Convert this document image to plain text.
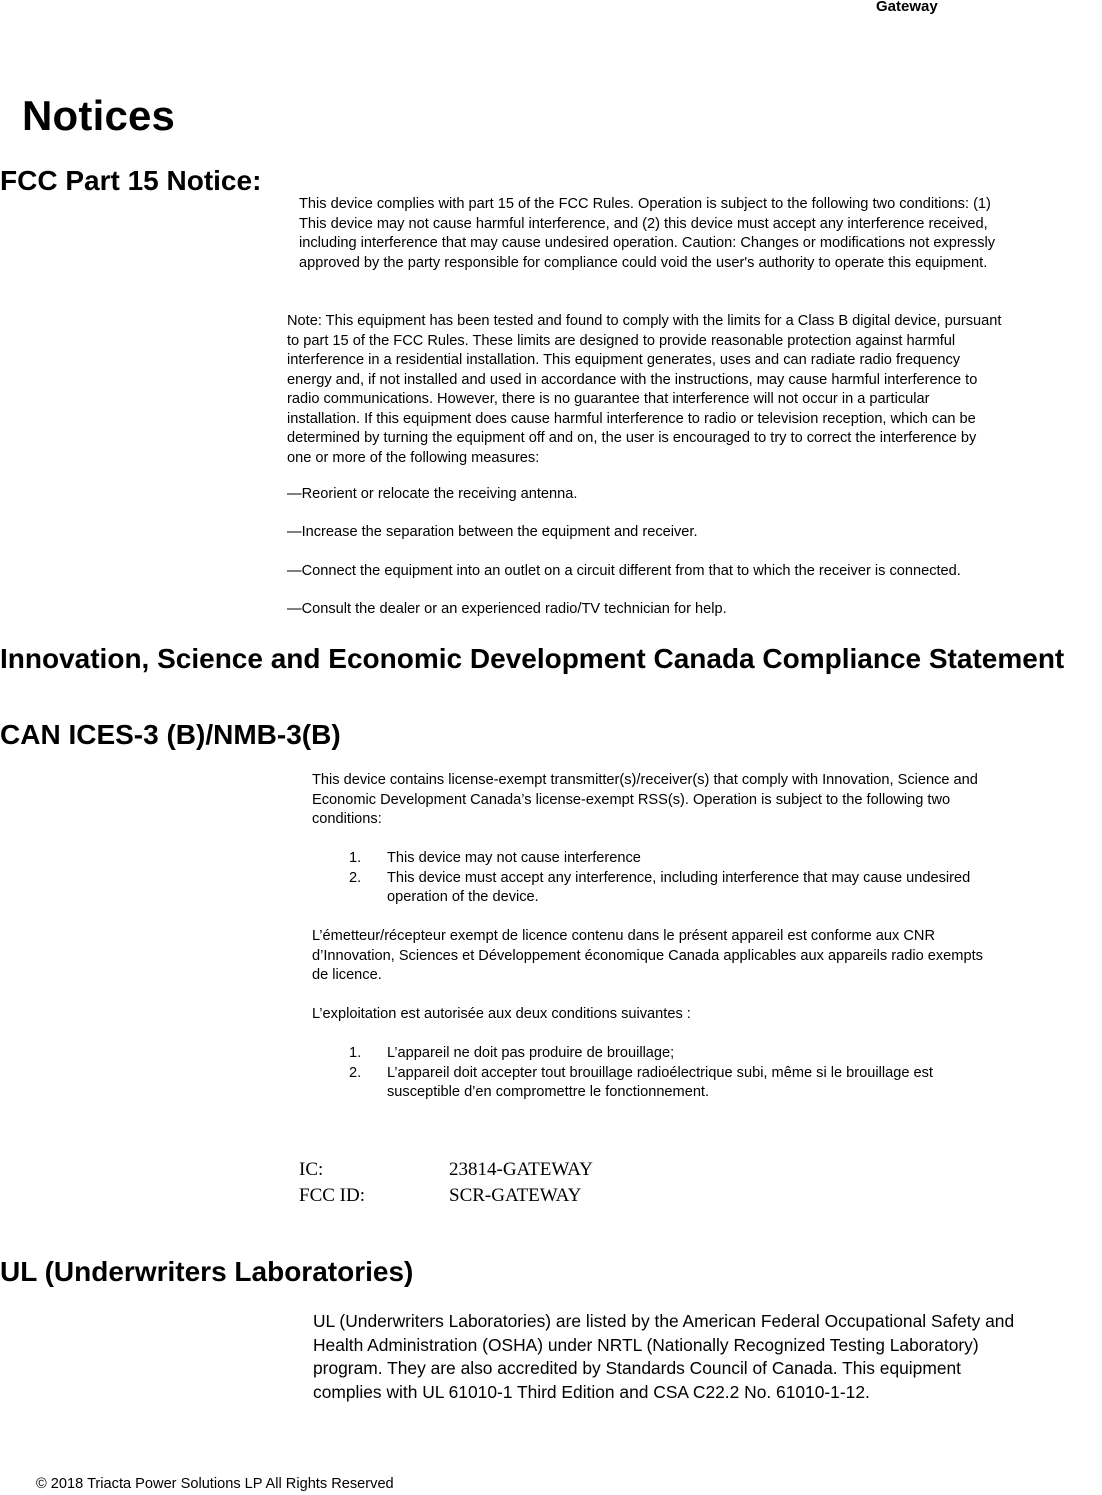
Gateway
Notices
FCC Part 15 Notice:
This device complies with part 15 of the FCC Rules. Operation is subject to the following two conditions: (1)
This device may not cause harmful interference, and (2) this device must accept any interference received,
including interference that may cause undesired operation. Caution: Changes or modifications not expressly
approved by the party responsible for compliance could void the user's authority to operate this equipment.
Note: This equipment has been tested and found to comply with the limits for a Class B digital device, pursuant
to part 15 of the FCC Rules. These limits are designed to provide reasonable protection against harmful
interference in a residential installation. This equipment generates, uses and can radiate radio frequency
energy and, if not installed and used in accordance with the instructions, may cause harmful interference to
radio communications. However, there is no guarantee that interference will not occur in a particular
installation. If this equipment does cause harmful interference to radio or television reception, which can be
determined by turning the equipment off and on, the user is encouraged to try to correct the interference by
one or more of the following measures:
—Reorient or relocate the receiving antenna.
—Increase the separation between the equipment and receiver.
—Connect the equipment into an outlet on a circuit different from that to which the receiver is connected.
—Consult the dealer or an experienced radio/TV technician for help.
Innovation, Science and Economic Development Canada Compliance Statement
CAN ICES-3 (B)/NMB-3(B)
This device contains license-exempt transmitter(s)/receiver(s) that comply with Innovation, Science and
Economic Development Canada’s license-exempt RSS(s). Operation is subject to the following two
conditions:
1. This device may not cause interference
2. This device must accept any interference, including interference that may cause undesired
operation of the device.
L’émetteur/récepteur exempt de licence contenu dans le présent appareil est conforme aux CNR
d’Innovation, Sciences et Développement économique Canada applicables aux appareils radio exempts
de licence.
L’exploitation est autorisée aux deux conditions suivantes :
1. L’appareil ne doit pas produire de brouillage;
2. L’appareil doit accepter tout brouillage radioélectrique subi, même si le brouillage est
susceptible d’en compromettre le fonctionnement.
IC:	23814-GATEWAY
FCC ID:	SCR-GATEWAY
UL (Underwriters Laboratories)
UL (Underwriters Laboratories) are listed by the American Federal Occupational Safety and
Health Administration (OSHA) under NRTL (Nationally Recognized Testing Laboratory)
program. They are also accredited by Standards Council of Canada. This equipment
complies with UL 61010-1 Third Edition and CSA C22.2 No. 61010-1-12.
© 2018 Triacta Power Solutions LP All Rights Reserved
